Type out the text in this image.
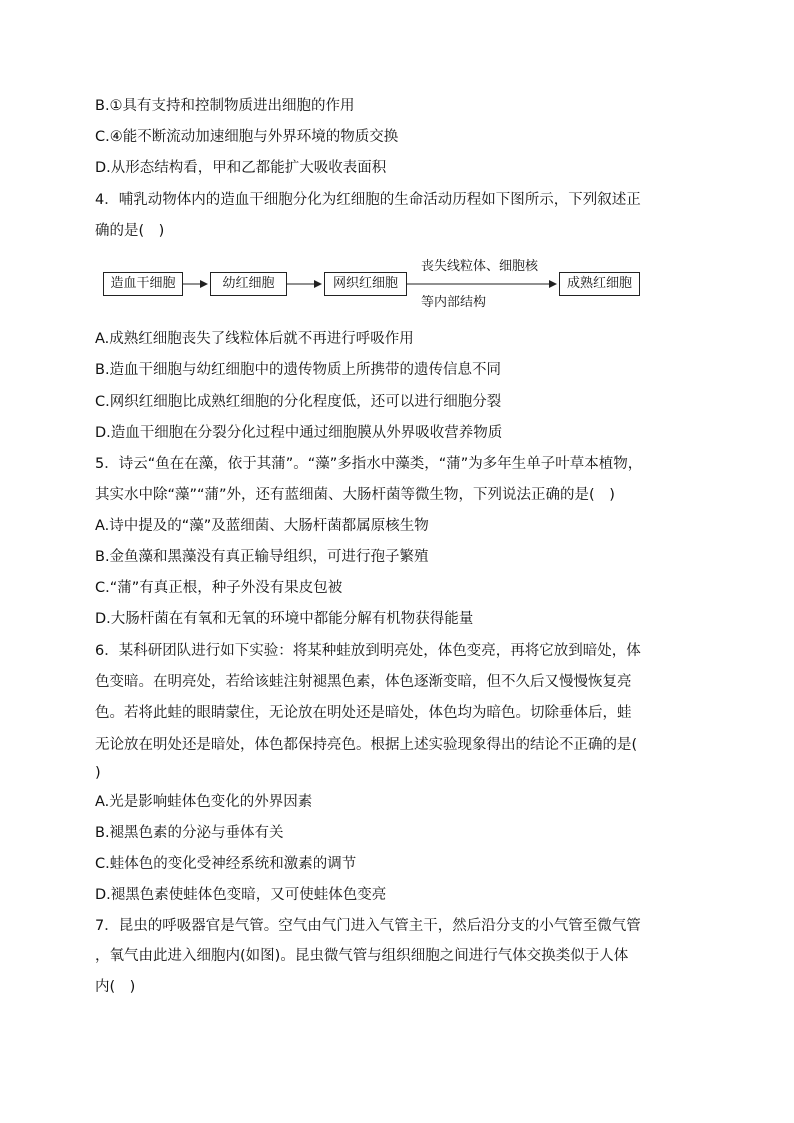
B.①具有支持和控制物质进出细胞的作用
C.④能不断流动加速细胞与外界环境的物质交换
D.从形态结构看，甲和乙都能扩大吸收表面积
4．哺乳动物体内的造血干细胞分化为红细胞的生命活动历程如下图所示，下列叙述正
确的是(　)
造血干细胞	幼红细胞	网织红细胞	成熟红细胞
丧失线粒体、细胞核
等内部结构
A.成熟红细胞丧失了线粒体后就不再进行呼吸作用
B.造血干细胞与幼红细胞中的遗传物质上所携带的遗传信息不同
C.网织红细胞比成熟红细胞的分化程度低，还可以进行细胞分裂
D.造血干细胞在分裂分化过程中通过细胞膜从外界吸收营养物质
5．诗云“鱼在在藻，依于其蒲”。“藻”多指水中藻类，“蒲”为多年生单子叶草本植物，
其实水中除“藻”“蒲”外，还有蓝细菌、大肠杆菌等微生物，下列说法正确的是(　)
A.诗中提及的“藻”及蓝细菌、大肠杆菌都属原核生物
B.金鱼藻和黑藻没有真正输导组织，可进行孢子繁殖
C.“蒲”有真正根，种子外没有果皮包被
D.大肠杆菌在有氧和无氧的环境中都能分解有机物获得能量
6．某科研团队进行如下实验：将某种蛙放到明亮处，体色变亮，再将它放到暗处，体
色变暗。在明亮处，若给该蛙注射褪黑色素，体色逐渐变暗，但不久后又慢慢恢复亮
色。若将此蛙的眼睛蒙住，无论放在明处还是暗处，体色均为暗色。切除垂体后，蛙
无论放在明处还是暗处，体色都保持亮色。根据上述实验现象得出的结论不正确的是(
)
A.光是影响蛙体色变化的外界因素
B.褪黑色素的分泌与垂体有关
C.蛙体色的变化受神经系统和激素的调节
D.褪黑色素使蛙体色变暗，又可使蛙体色变亮
7．昆虫的呼吸器官是气管。空气由气门进入气管主干，然后沿分支的小气管至微气管
，氧气由此进入细胞内(如图)。昆虫微气管与组织细胞之间进行气体交换类似于人体
内(　)
